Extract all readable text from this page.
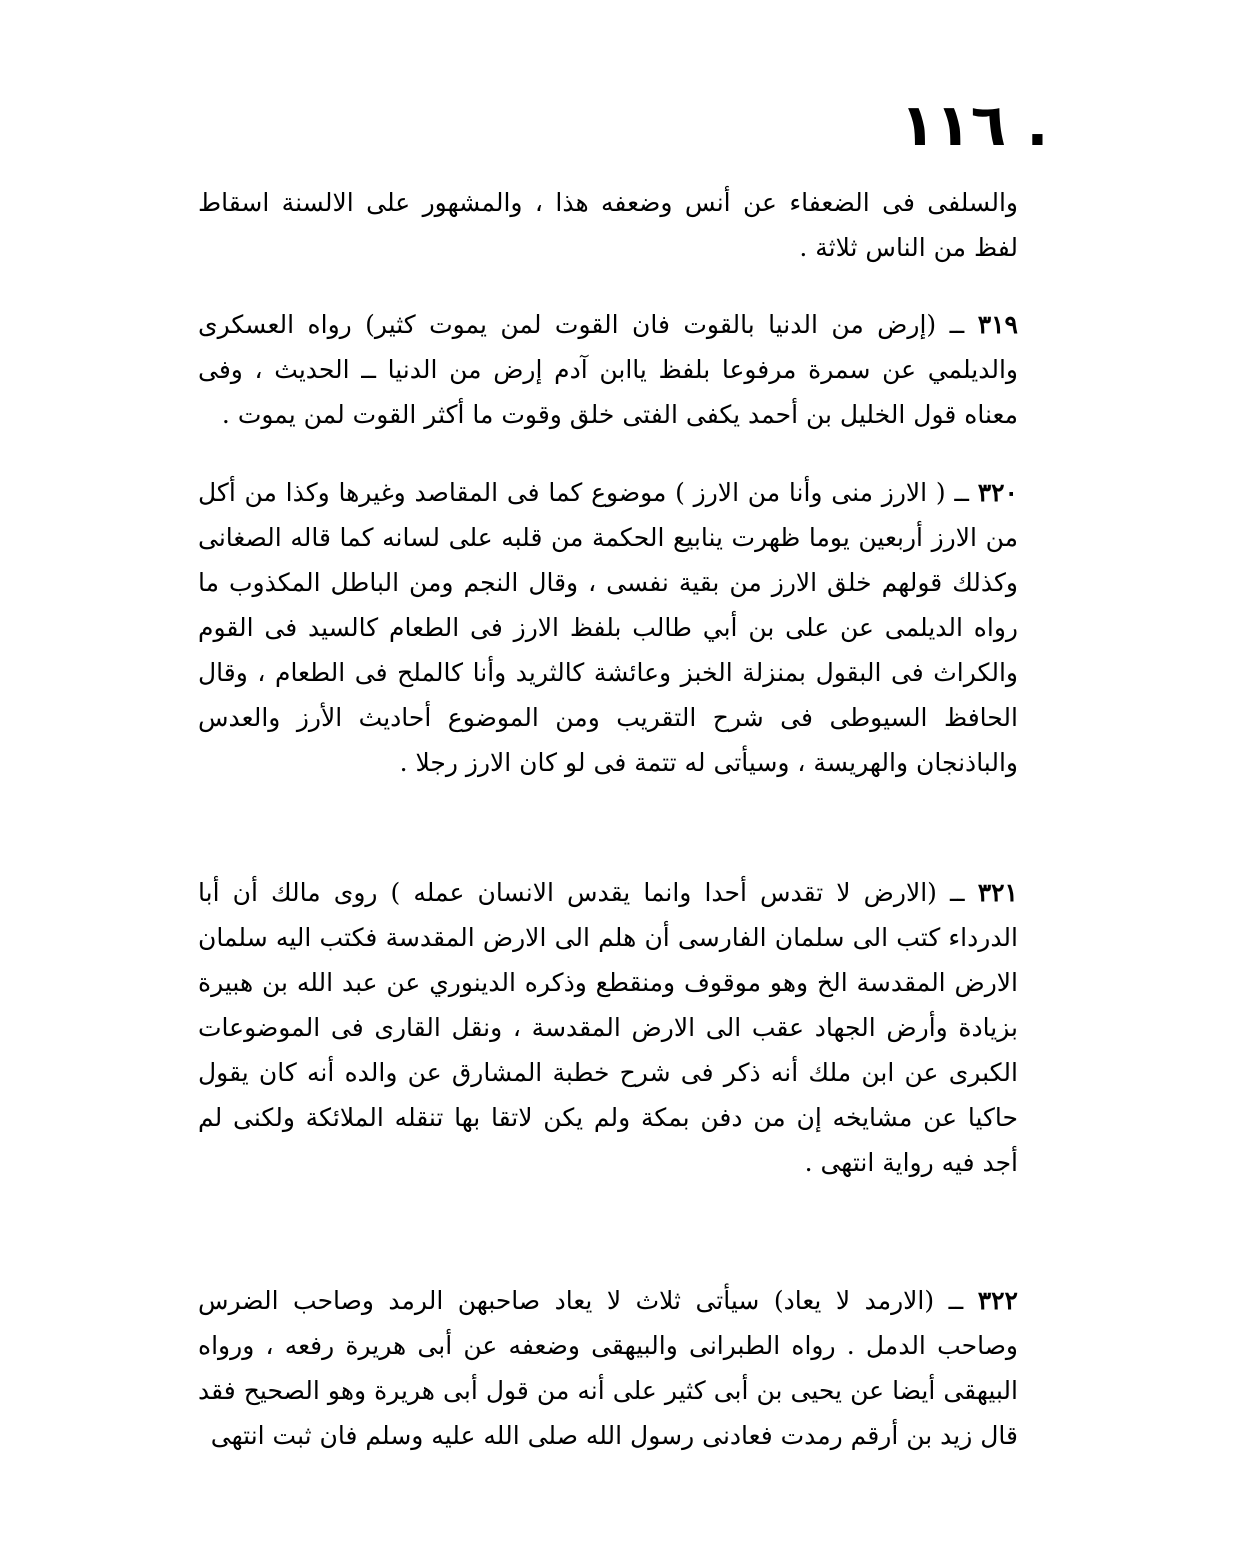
١١٦ .
والسلفى فى الضعفاء عن أنس وضعفه هذا ، والمشهور على الالسنة اسقاط لفظ من الناس ثلاثة .
٣١٩ ــ (إرض من الدنيا بالقوت فان القوت لمن يموت كثير) رواه العسكرى والديلمي عن سمرة مرفوعا بلفظ ياابن آدم إرض من الدنيا ــ الحديث ، وفى معناه قول الخليل بن أحمد يكفى الفتى خلق وقوت ما أكثر القوت لمن يموت .
٣٢٠ ــ ( الارز منى وأنا من الارز ) موضوع كما فى المقاصد وغيرها وكذا من أكل من الارز أربعين يوما ظهرت ينابيع الحكمة من قلبه على لسانه كما قاله الصغانى وكذلك قولهم خلق الارز من بقية نفسى ، وقال النجم ومن الباطل المكذوب ما رواه الديلمى عن على بن أبي طالب بلفظ الارز فى الطعام كالسيد فى القوم والكراث فى البقول بمنزلة الخبز وعائشة كالثريد وأنا كالملح فى الطعام ، وقال الحافظ السيوطى فى شرح التقريب ومن الموضوع أحاديث الأرز والعدس والباذنجان والهريسة ، وسيأتى له تتمة فى لو كان الارز رجلا .
٣٢١ ــ (الارض لا تقدس أحدا وانما يقدس الانسان عمله ) روى مالك أن أبا الدرداء كتب الى سلمان الفارسى أن هلم الى الارض المقدسة فكتب اليه سلمان الارض المقدسة الخ وهو موقوف ومنقطع وذكره الدينوري عن عبد الله بن هبيرة بزيادة وأرض الجهاد عقب الى الارض المقدسة ، ونقل القارى فى الموضوعات الكبرى عن ابن ملك أنه ذكر فى شرح خطبة المشارق عن والده أنه كان يقول حاكيا عن مشايخه إن من دفن بمكة ولم يكن لاتقا بها تنقله الملائكة ولكنى لم أجد فيه رواية انتهى .
٣٢٢ ــ (الارمد لا يعاد) سيأتى ثلاث لا يعاد صاحبهن الرمد وصاحب الضرس وصاحب الدمل . رواه الطبرانى والبيهقى وضعفه عن أبى هريرة رفعه ، ورواه البيهقى أيضا عن يحيى بن أبى كثير على أنه من قول أبى هريرة وهو الصحيح فقد قال زيد بن أرقم رمدت فعادنى رسول الله صلى الله عليه وسلم فان ثبت انتهى
